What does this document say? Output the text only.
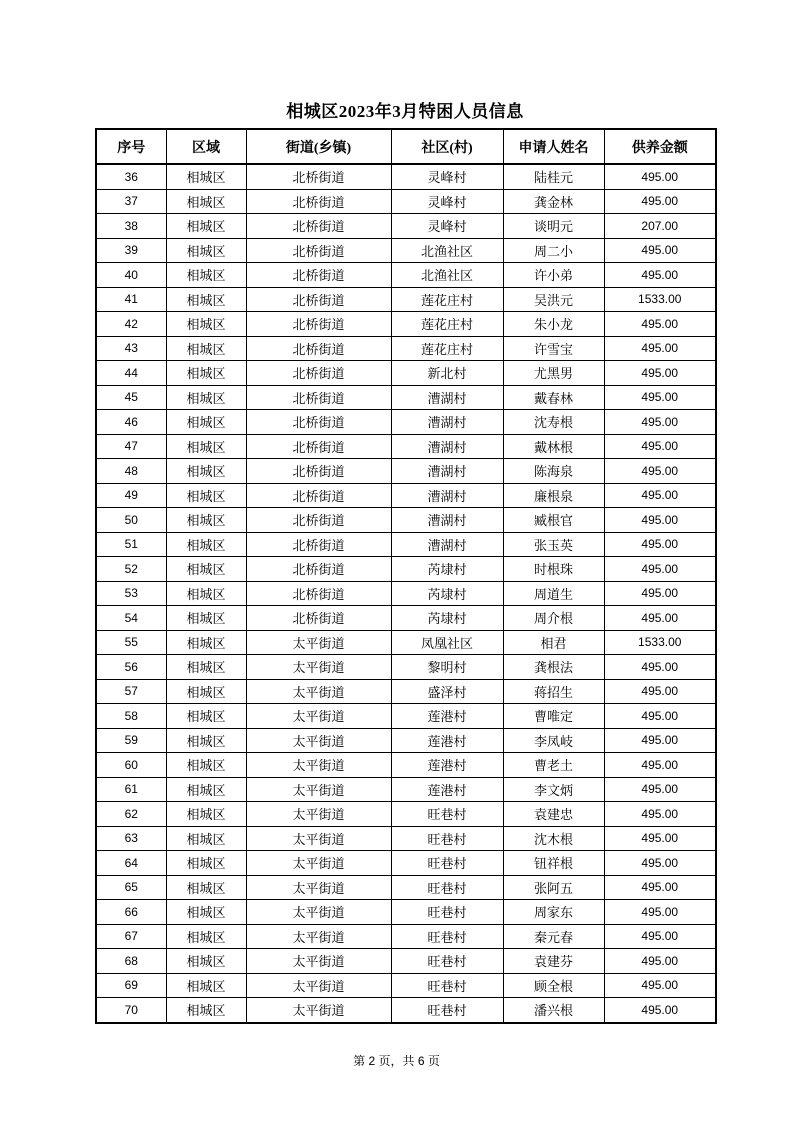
相城区2023年3月特困人员信息
序号	区域	街道(乡镇)	社区(村)	申请人姓名	供养金额
36	相城区	北桥街道	灵峰村	陆桂元	495.00
37	相城区	北桥街道	灵峰村	龚金林	495.00
38	相城区	北桥街道	灵峰村	谈明元	207.00
39	相城区	北桥街道	北渔社区	周二小	495.00
40	相城区	北桥街道	北渔社区	许小弟	495.00
41	相城区	北桥街道	莲花庄村	吴洪元	1533.00
42	相城区	北桥街道	莲花庄村	朱小龙	495.00
43	相城区	北桥街道	莲花庄村	许雪宝	495.00
44	相城区	北桥街道	新北村	尤黑男	495.00
45	相城区	北桥街道	漕湖村	戴春林	495.00
46	相城区	北桥街道	漕湖村	沈寿根	495.00
47	相城区	北桥街道	漕湖村	戴林根	495.00
48	相城区	北桥街道	漕湖村	陈海泉	495.00
49	相城区	北桥街道	漕湖村	廉根泉	495.00
50	相城区	北桥街道	漕湖村	臧根官	495.00
51	相城区	北桥街道	漕湖村	张玉英	495.00
52	相城区	北桥街道	芮埭村	时根珠	495.00
53	相城区	北桥街道	芮埭村	周道生	495.00
54	相城区	北桥街道	芮埭村	周介根	495.00
55	相城区	太平街道	凤凰社区	相君	1533.00
56	相城区	太平街道	黎明村	龚根法	495.00
57	相城区	太平街道	盛泽村	蒋招生	495.00
58	相城区	太平街道	莲港村	曹唯定	495.00
59	相城区	太平街道	莲港村	李凤岐	495.00
60	相城区	太平街道	莲港村	曹老土	495.00
61	相城区	太平街道	莲港村	李文炳	495.00
62	相城区	太平街道	旺巷村	袁建忠	495.00
63	相城区	太平街道	旺巷村	沈木根	495.00
64	相城区	太平街道	旺巷村	钮祥根	495.00
65	相城区	太平街道	旺巷村	张阿五	495.00
66	相城区	太平街道	旺巷村	周家东	495.00
67	相城区	太平街道	旺巷村	秦元春	495.00
68	相城区	太平街道	旺巷村	袁建芬	495.00
69	相城区	太平街道	旺巷村	顾全根	495.00
70	相城区	太平街道	旺巷村	潘兴根	495.00
第 2 页，共 6 页
